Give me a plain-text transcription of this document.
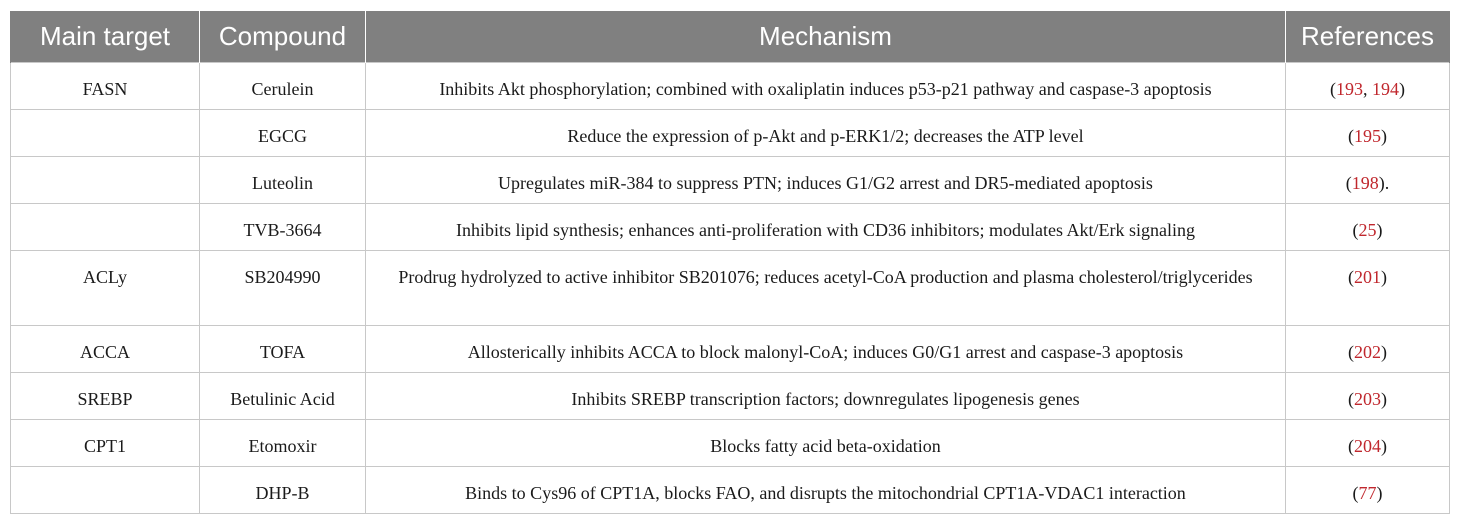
Main target	Compound	Mechanism	References
FASN	Cerulein	Inhibits Akt phosphorylation; combined with oxaliplatin induces p53-p21 pathway and caspase-3 apoptosis	(193, 194)
	EGCG	Reduce the expression of p-Akt and p-ERK1/2; decreases the ATP level	(195)
	Luteolin	Upregulates miR-384 to suppress PTN; induces G1/G2 arrest and DR5-mediated apoptosis	(198).
	TVB-3664	Inhibits lipid synthesis; enhances anti-proliferation with CD36 inhibitors; modulates Akt/Erk signaling	(25)
ACLy	SB204990	Prodrug hydrolyzed to active inhibitor SB201076; reduces acetyl-CoA production and plasma cholesterol/triglycerides	(201)
ACCA	TOFA	Allosterically inhibits ACCA to block malonyl-CoA; induces G0/G1 arrest and caspase-3 apoptosis	(202)
SREBP	Betulinic Acid	Inhibits SREBP transcription factors; downregulates lipogenesis genes	(203)
CPT1	Etomoxir	Blocks fatty acid beta-oxidation	(204)
	DHP-B	Binds to Cys96 of CPT1A, blocks FAO, and disrupts the mitochondrial CPT1A-VDAC1 interaction	(77)
